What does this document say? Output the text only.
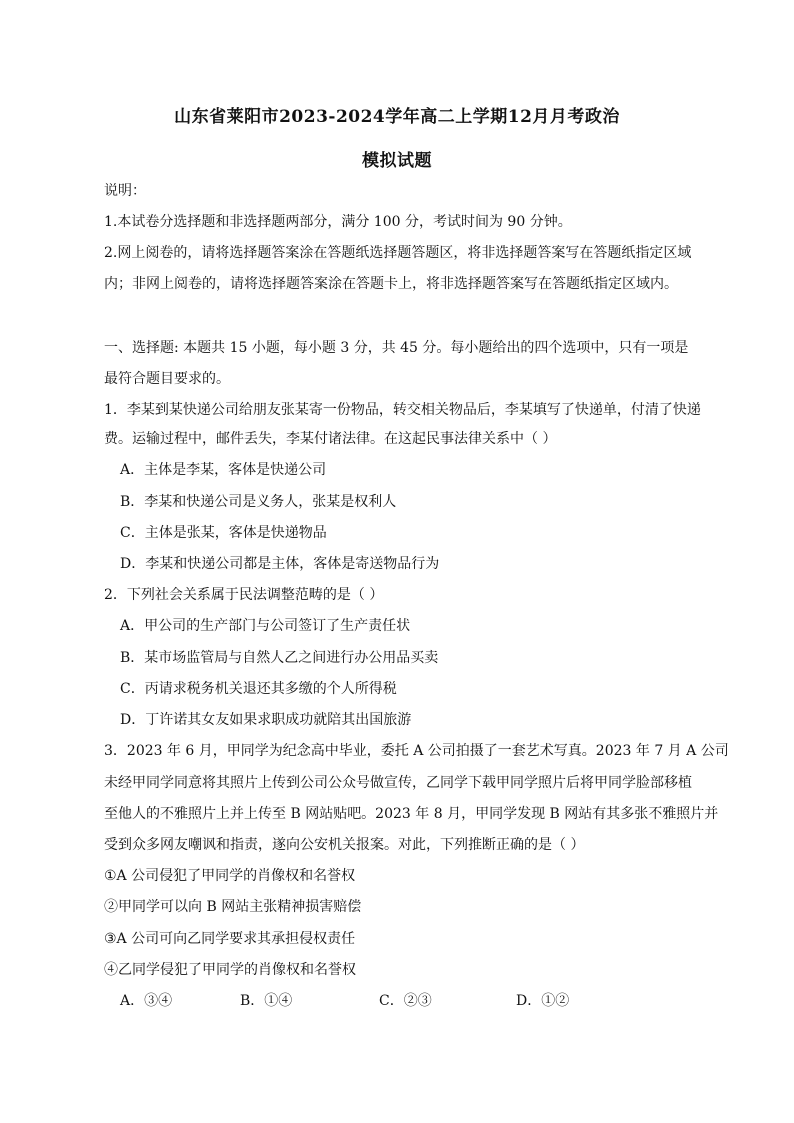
山东省莱阳市2023-2024学年高二上学期12月月考政治
模拟试题
说明：
1.本试卷分选择题和非选择题两部分，满分 100 分，考试时间为 90 分钟。
2.网上阅卷的，请将选择题答案涂在答题纸选择题答题区，将非选择题答案写在答题纸指定区域
内；非网上阅卷的，请将选择题答案涂在答题卡上，将非选择题答案写在答题纸指定区域内。
一、选择题: 本题共 15 小题，每小题 3 分，共 45 分。每小题给出的四个选项中，只有一项是
最符合题目要求的。
1．李某到某快递公司给朋友张某寄一份物品，转交相关物品后，李某填写了快递单，付清了快递
费。运输过程中，邮件丢失，李某付诸法律。在这起民事法律关系中（ ）
A．主体是李某，客体是快递公司
B．李某和快递公司是义务人，张某是权利人
C．主体是张某，客体是快递物品
D．李某和快递公司都是主体，客体是寄送物品行为
2．下列社会关系属于民法调整范畴的是（ ）
A．甲公司的生产部门与公司签订了生产责任状
B．某市场监管局与自然人乙之间进行办公用品买卖
C．丙请求税务机关退还其多缴的个人所得税
D．丁许诺其女友如果求职成功就陪其出国旅游
3．2023 年 6 月，甲同学为纪念高中毕业，委托 A 公司拍摄了一套艺术写真。2023 年 7 月 A 公司
未经甲同学同意将其照片上传到公司公众号做宣传，乙同学下载甲同学照片后将甲同学脸部移植
至他人的不雅照片上并上传至 B 网站贴吧。2023 年 8 月，甲同学发现 B 网站有其多张不雅照片并
受到众多网友嘲讽和指责，遂向公安机关报案。对此，下列推断正确的是（ ）
①A 公司侵犯了甲同学的肖像权和名誉权
②甲同学可以向 B 网站主张精神损害赔偿
③A 公司可向乙同学要求其承担侵权责任
④乙同学侵犯了甲同学的肖像权和名誉权
A．③④	B．①④	C．②③	D．①②
